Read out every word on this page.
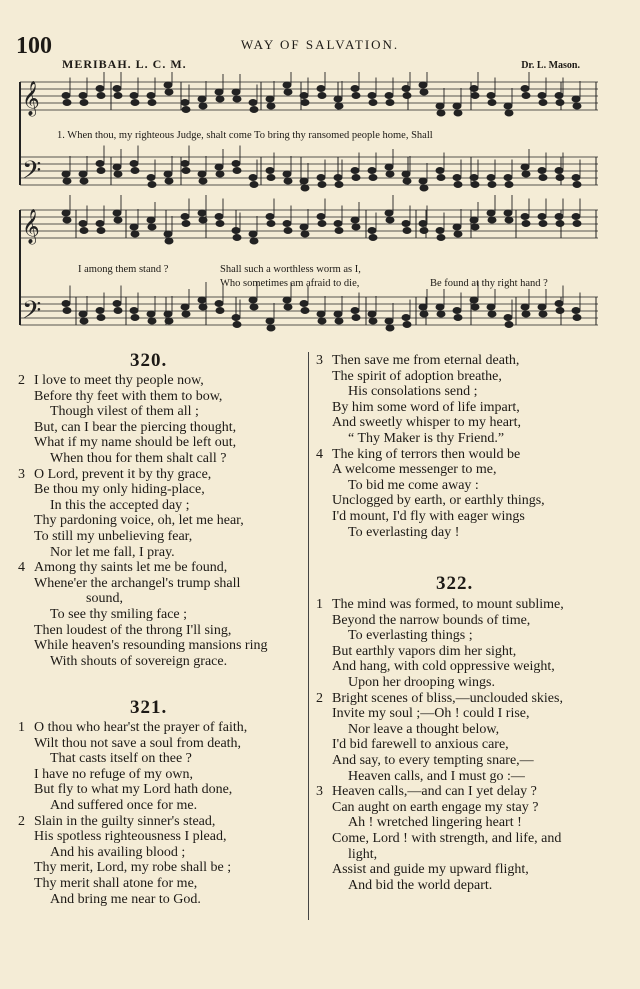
100	WAY OF SALVATION.
MERIBAH. L. C. M.	Dr. L. Mason.
𝄞
𝄢
𝄞
𝄢
1. When thou, my righteous Judge, shalt come To bring thy ransomed people home, Shall
I among them stand ?	Shall such a worthless worm as I,
Who sometimes am afraid to die,	Be found at thy right hand ?
320.
2 I love to meet thy people now,
Before thy feet with them to bow,
Though vilest of them all ;
But, can I bear the piercing thought,
What if my name should be left out,
When thou for them shalt call ?
3 O Lord, prevent it by thy grace,
Be thou my only hiding-place,
In this the accepted day ;
Thy pardoning voice, oh, let me hear,
To still my unbelieving fear,
Nor let me fall, I pray.
4 Among thy saints let me be found,
Whene'er the archangel's trump shall
sound,
To see thy smiling face ;
Then loudest of the throng I'll sing,
While heaven's resounding mansions ring
With shouts of sovereign grace.
321.
1 O thou who hear'st the prayer of faith,
Wilt thou not save a soul from death,
That casts itself on thee ?
I have no refuge of my own,
But fly to what my Lord hath done,
And suffered once for me.
2 Slain in the guilty sinner's stead,
His spotless righteousness I plead,
And his availing blood ;
Thy merit, Lord, my robe shall be ;
Thy merit shall atone for me,
And bring me near to God.
3 Then save me from eternal death,
The spirit of adoption breathe,
His consolations send ;
By him some word of life impart,
And sweetly whisper to my heart,
“ Thy Maker is thy Friend.”
4 The king of terrors then would be
A welcome messenger to me,
To bid me come away :
Unclogged by earth, or earthly things,
I'd mount, I'd fly with eager wings
To everlasting day !
322.
1 The mind was formed, to mount sublime,
Beyond the narrow bounds of time,
To everlasting things ;
But earthly vapors dim her sight,
And hang, with cold oppressive weight,
Upon her drooping wings.
2 Bright scenes of bliss,—unclouded skies,
Invite my soul ;—Oh ! could I rise,
Nor leave a thought below,
I'd bid farewell to anxious care,
And say, to every tempting snare,—
Heaven calls, and I must go :—
3 Heaven calls,—and can I yet delay ?
Can aught on earth engage my stay ?
Ah ! wretched lingering heart !
Come, Lord ! with strength, and life, and
light,
Assist and guide my upward flight,
And bid the world depart.
